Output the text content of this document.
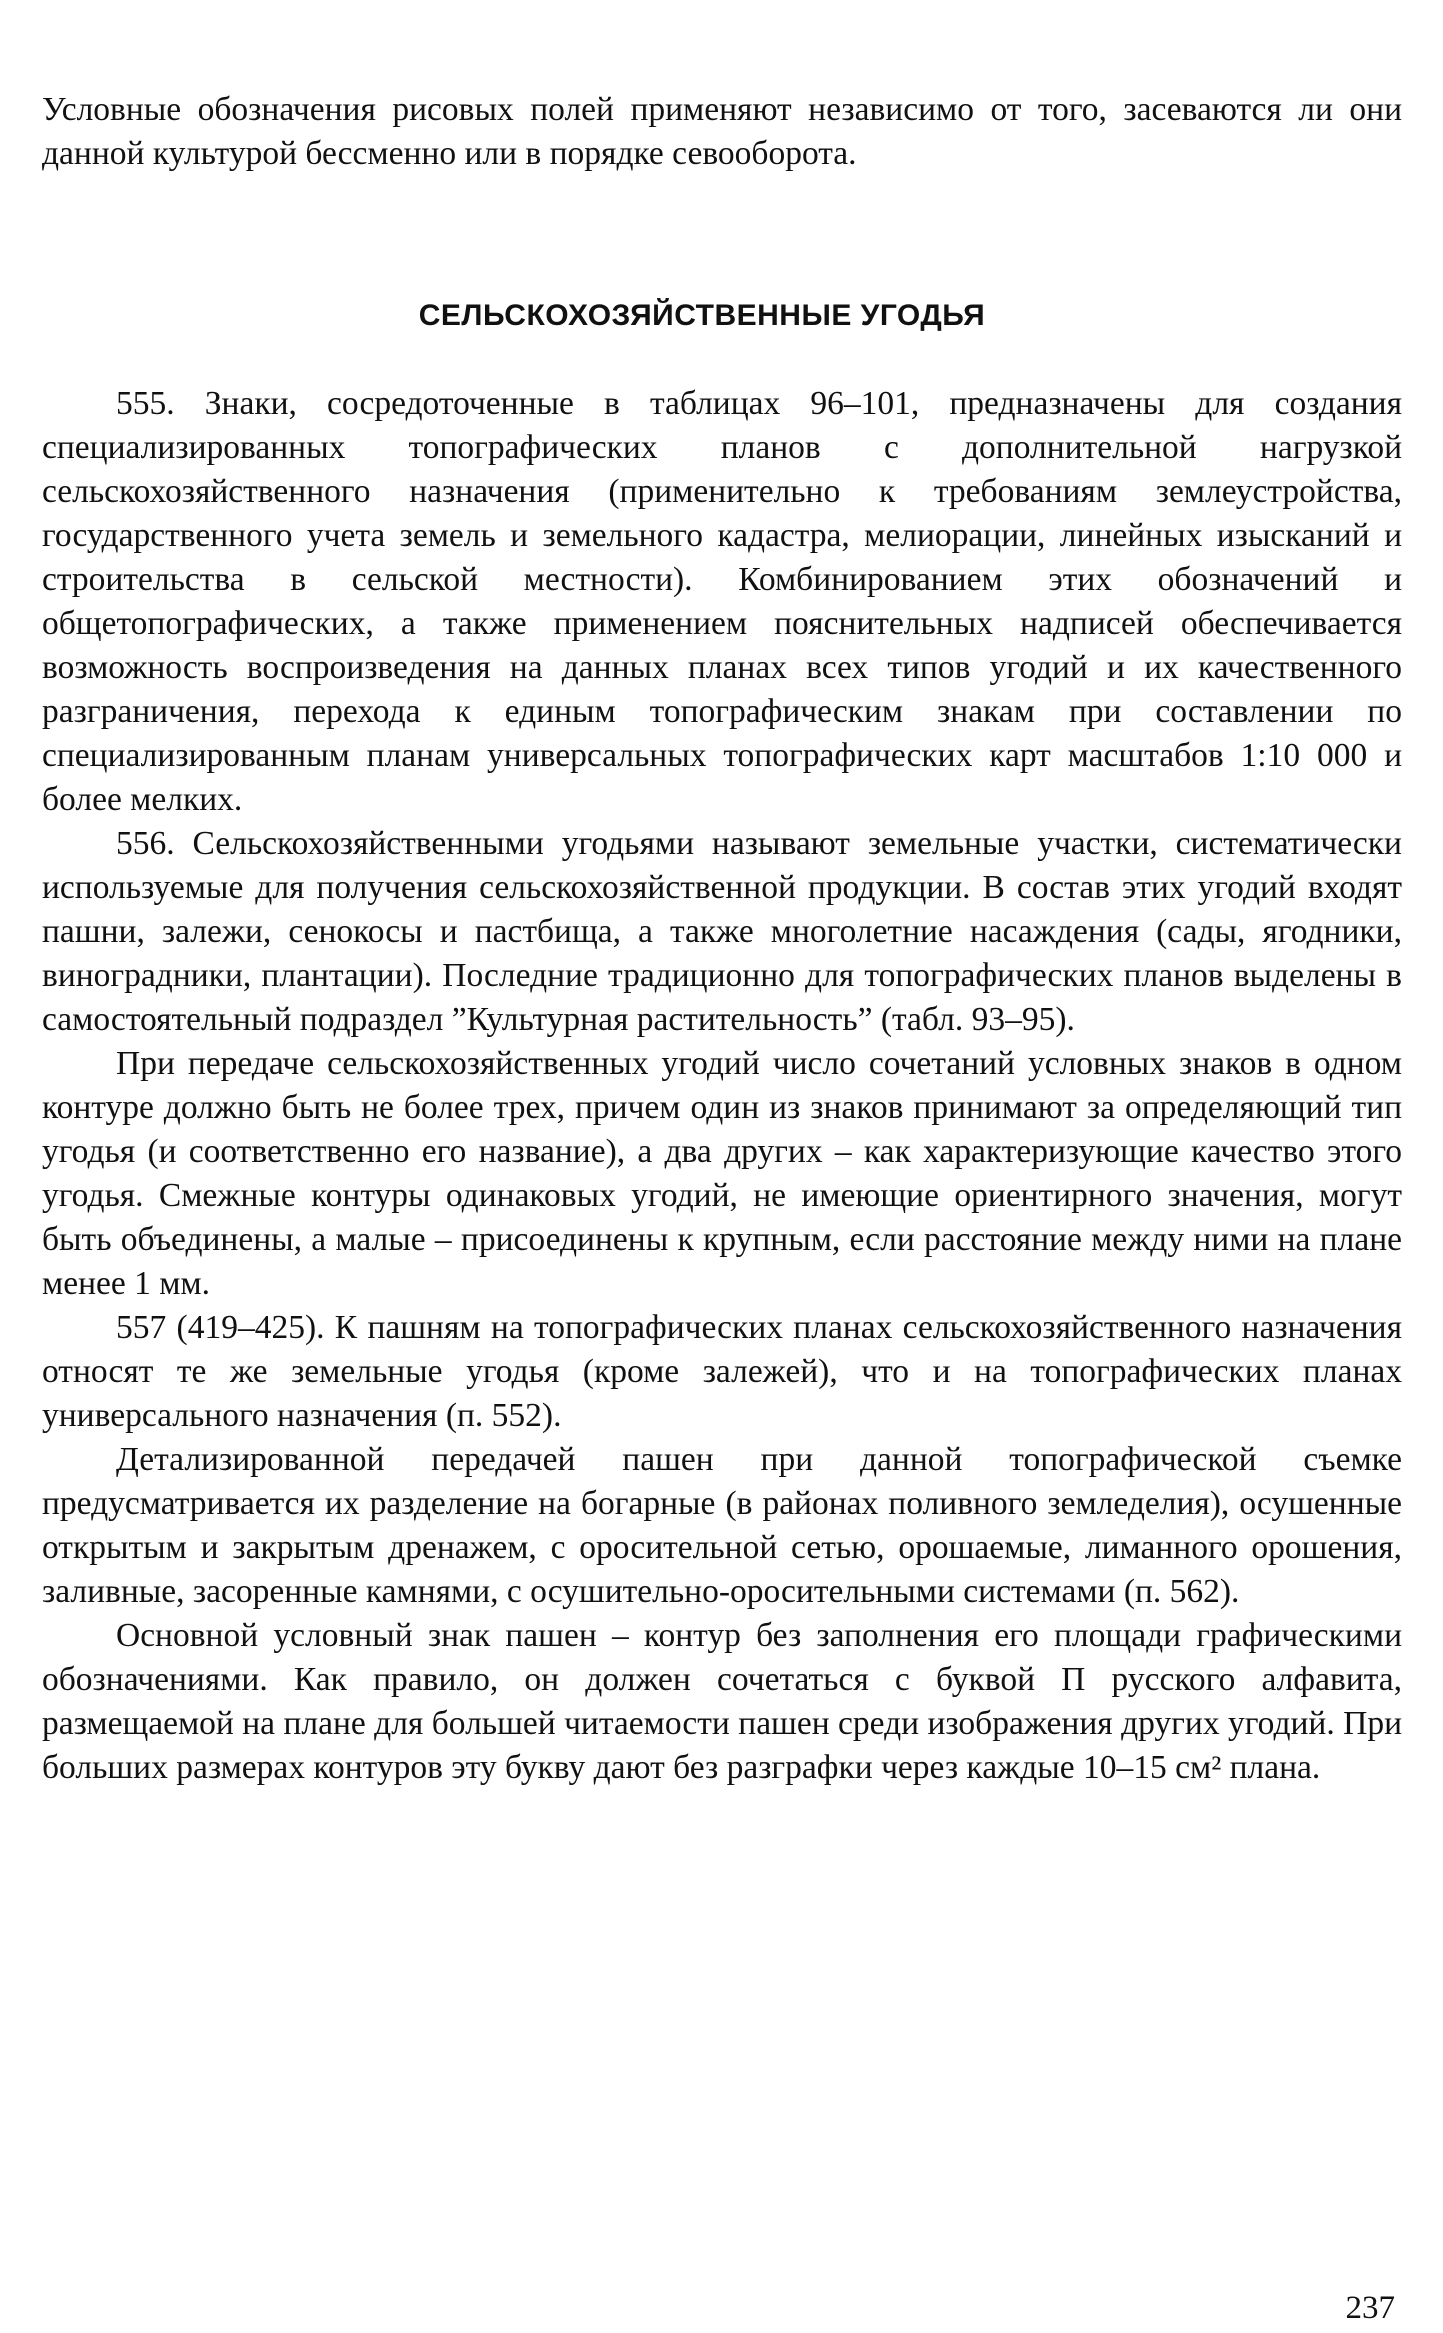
Условные обозначения рисовых полей применяют независимо от того, засеваются ли они данной культурой бессменно или в порядке севооборота.

СЕЛЬСКОХОЗЯЙСТВЕННЫЕ УГОДЬЯ

555. Знаки, сосредоточенные в таблицах 96–101, предназначены для создания специализированных топографических планов с дополнительной нагрузкой сельскохозяйственного назначения (применительно к требованиям землеустройства, государственного учета земель и земельного кадастра, мелиорации, линейных изысканий и строительства в сельской местности). Комбинированием этих обозначений и общетопографических, а также применением пояснительных надписей обеспечивается возможность воспроизведения на данных планах всех типов угодий и их качественного разграничения, перехода к единым топографическим знакам при составлении по специализированным планам универсальных топографических карт масштабов 1:10 000 и более мелких.

556. Сельскохозяйственными угодьями называют земельные участки, систематически используемые для получения сельскохозяйственной продукции. В состав этих угодий входят пашни, залежи, сенокосы и пастбища, а также многолетние насаждения (сады, ягодники, виноградники, плантации). Последние традиционно для топографических планов выделены в самостоятельный подраздел ”Культурная растительность” (табл. 93–95).

При передаче сельскохозяйственных угодий число сочетаний условных знаков в одном контуре должно быть не более трех, причем один из знаков принимают за определяющий тип угодья (и соответственно его название), а два других – как характеризующие качество этого угодья. Смежные контуры одинаковых угодий, не имеющие ориентирного значения, могут быть объединены, а малые – присоединены к крупным, если расстояние между ними на плане менее 1 мм.

557 (419–425). К пашням на топографических планах сельскохозяйственного назначения относят те же земельные угодья (кроме залежей), что и на топографических планах универсального назначения (п. 552).

Детализированной передачей пашен при данной топографической съемке предусматривается их разделение на богарные (в районах поливного земледелия), осушенные открытым и закрытым дренажем, с оросительной сетью, орошаемые, лиманного орошения, заливные, засоренные камнями, с осушительно-оросительными системами (п. 562).

Основной условный знак пашен – контур без заполнения его площади графическими обозначениями. Как правило, он должен сочетаться с буквой П русского алфавита, размещаемой на плане для большей читаемости пашен среди изображения других угодий. При больших размерах контуров эту букву дают без разграфки через каждые 10–15 см² плана.

237
